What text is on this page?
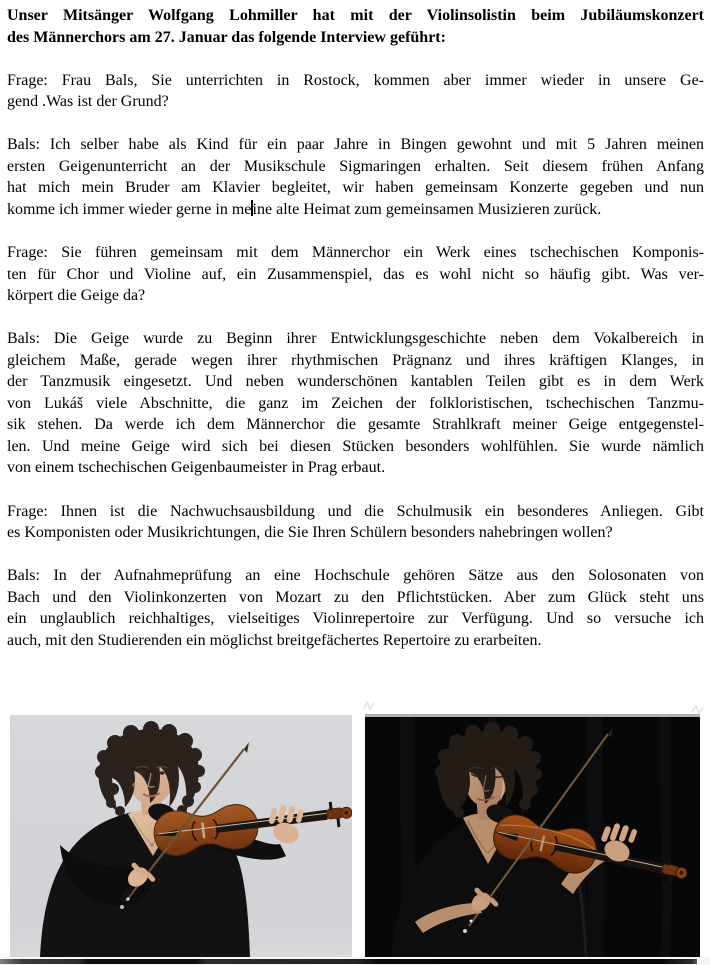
Unser Mitsänger Wolfgang Lohmiller hat mit der Violinsolistin beim Jubiläumskonzert
des Männerchors am 27. Januar das folgende Interview geführt:
Frage: Frau Bals, Sie unterrichten in Rostock, kommen aber immer wieder in unsere Ge-
gend .Was ist der Grund?
Bals: Ich selber habe als Kind für ein paar Jahre in Bingen gewohnt und mit 5 Jahren meinen
ersten Geigenunterricht an der Musikschule Sigmaringen erhalten. Seit diesem frühen Anfang
hat mich mein Bruder am Klavier begleitet, wir haben gemeinsam Konzerte gegeben und nun
komme ich immer wieder gerne in meine alte Heimat zum gemeinsamen Musizieren zurück.
Frage: Sie führen gemeinsam mit dem Männerchor ein Werk eines tschechischen Komponis-
ten für Chor und Violine auf, ein Zusammenspiel, das es wohl nicht so häufig gibt. Was ver-
körpert die Geige da?
Bals: Die Geige wurde zu Beginn ihrer Entwicklungsgeschichte neben dem Vokalbereich in
gleichem Maße, gerade wegen ihrer rhythmischen Prägnanz und ihres kräftigen Klanges, in
der Tanzmusik eingesetzt. Und neben wunderschönen kantablen Teilen gibt es in dem Werk
von Lukáš viele Abschnitte, die ganz im Zeichen der folkloristischen, tschechischen Tanzmu-
sik stehen. Da werde ich dem Männerchor die gesamte Strahlkraft meiner Geige entgegenstel-
len. Und meine Geige wird sich bei diesen Stücken besonders wohlfühlen. Sie wurde nämlich
von einem tschechischen Geigenbaumeister in Prag erbaut.
Frage: Ihnen ist die Nachwuchsausbildung und die Schulmusik ein besonderes Anliegen. Gibt
es Komponisten oder Musikrichtungen, die Sie Ihren Schülern besonders nahebringen wollen?
Bals: In der Aufnahmeprüfung an eine Hochschule gehören Sätze aus den Solosonaten von
Bach und den Violinkonzerten von Mozart zu den Pflichtstücken. Aber zum Glück steht uns
ein unglaublich reichhaltiges, vielseitiges Violinrepertoire zur Verfügung. Und so versuche ich
auch, mit den Studierenden ein möglichst breitgefächertes Repertoire zu erarbeiten.
